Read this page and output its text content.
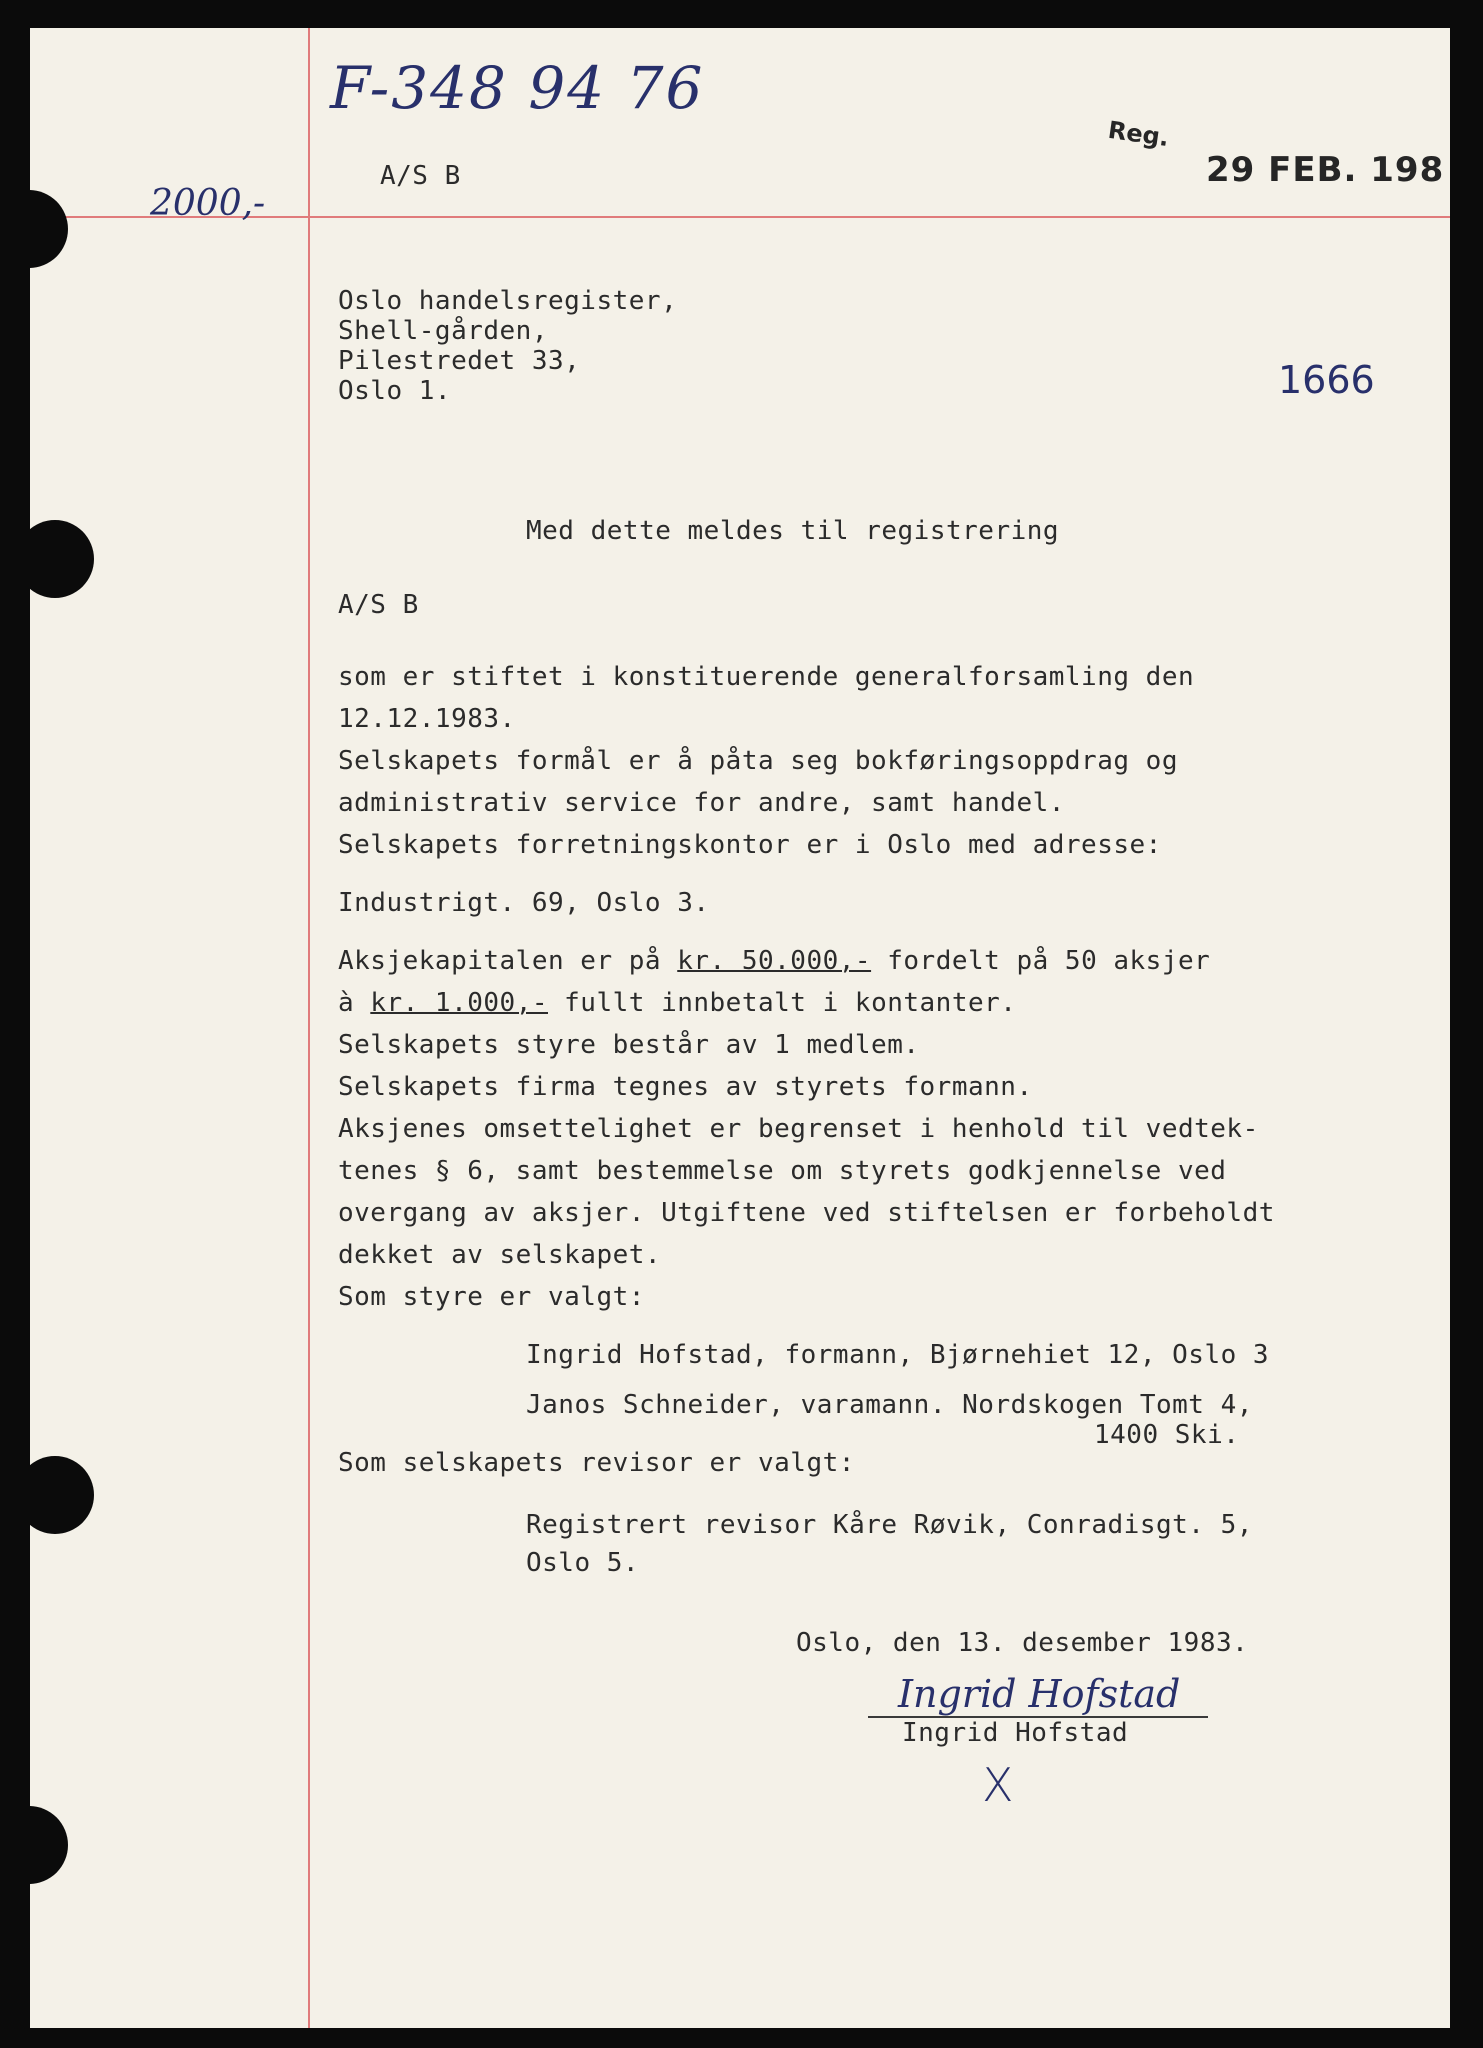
F-348 94 76
2000,-
1666
Reg.
29 FEB. 198
A/S B
Oslo handelsregister,
Shell-gården,
Pilestredet 33,
Oslo 1.
Med dette meldes til registrering
A/S B
som er stiftet i konstituerende generalforsamling den
12.12.1983.
Selskapets formål er å påta seg bokføringsoppdrag og
administrativ service for andre, samt handel.
Selskapets forretningskontor er i Oslo med adresse:
Industrigt. 69, Oslo 3.
Aksjekapitalen er på kr. 50.000,- fordelt på 50 aksjer
à kr. 1.000,- fullt innbetalt i kontanter.
Selskapets styre består av 1 medlem.
Selskapets firma tegnes av styrets formann.
Aksjenes omsettelighet er begrenset i henhold til vedtek-
tenes § 6, samt bestemmelse om styrets godkjennelse ved
overgang av aksjer. Utgiftene ved stiftelsen er forbeholdt
dekket av selskapet.
Som styre er valgt:
Ingrid Hofstad, formann, Bjørnehiet 12, Oslo 3
Janos Schneider, varamann. Nordskogen Tomt 4,
1400 Ski.
Som selskapets revisor er valgt:
Registrert revisor Kåre Røvik, Conradisgt. 5,
Oslo 5.
Oslo, den 13. desember 1983.
Ingrid Hofstad
Ingrid Hofstad
X
